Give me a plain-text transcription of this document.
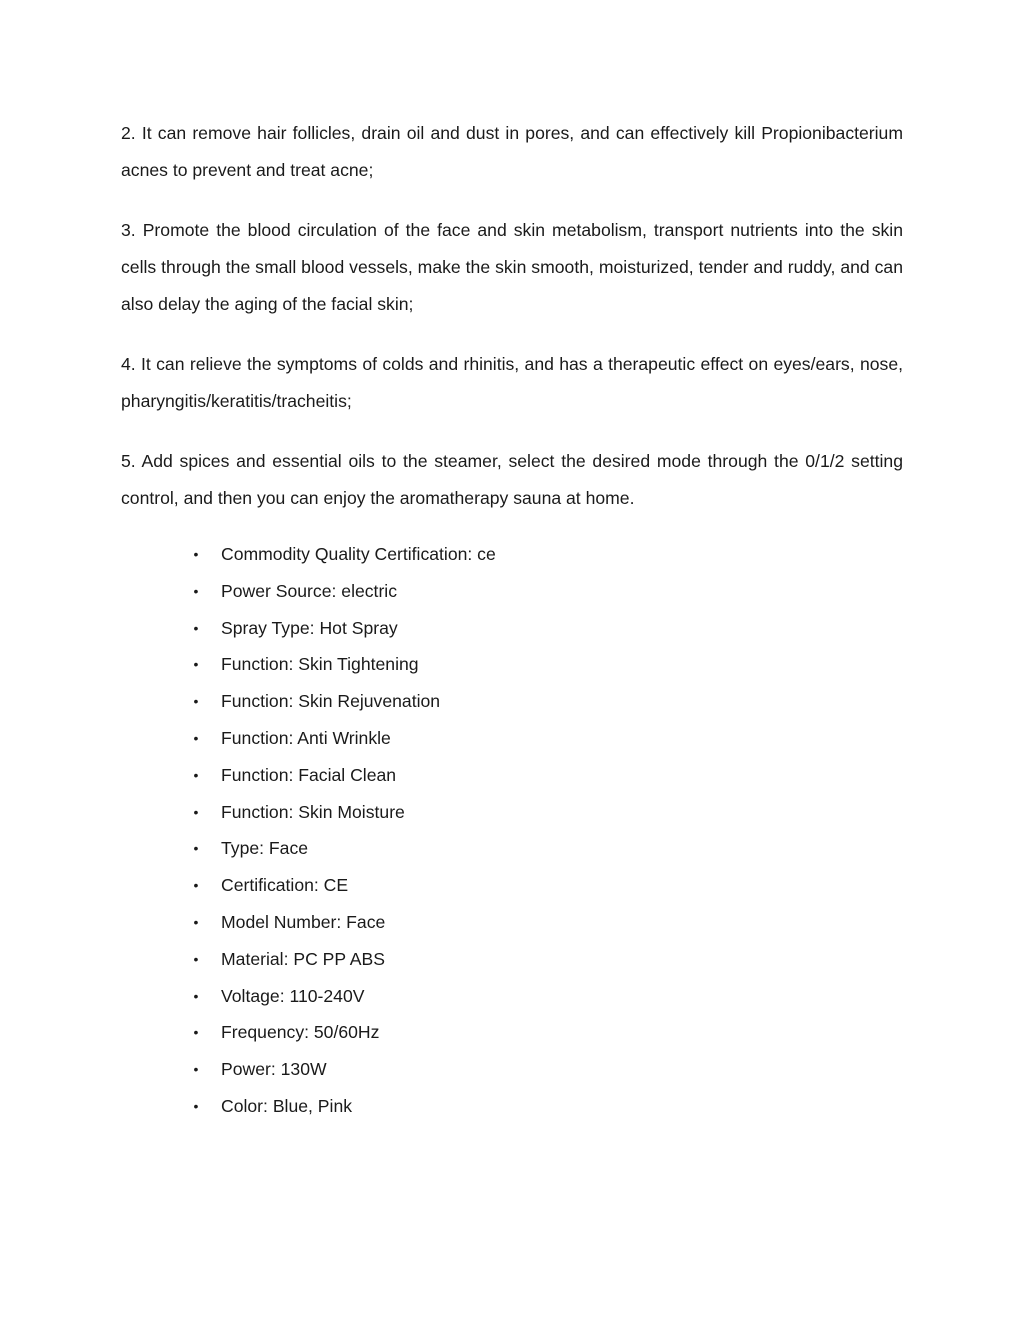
2. It can remove hair follicles, drain oil and dust in pores, and can effectively kill Propionibacterium acnes to prevent and treat acne;

3. Promote the blood circulation of the face and skin metabolism, transport nutrients into the skin cells through the small blood vessels, make the skin smooth, moisturized, tender and ruddy, and can also delay the aging of the facial skin;

4. It can relieve the symptoms of colds and rhinitis, and has a therapeutic effect on eyes/ears, nose, pharyngitis/keratitis/tracheitis;

5. Add spices and essential oils to the steamer, select the desired mode through the 0/1/2 setting control, and then you can enjoy the aromatherapy sauna at home.

• Commodity Quality Certification: ce
• Power Source: electric
• Spray Type: Hot Spray
• Function: Skin Tightening
• Function: Skin Rejuvenation
• Function: Anti Wrinkle
• Function: Facial Clean
• Function: Skin Moisture
• Type: Face
• Certification: CE
• Model Number: Face
• Material: PC PP ABS
• Voltage: 110-240V
• Frequency: 50/60Hz
• Power: 130W
• Color: Blue, Pink
